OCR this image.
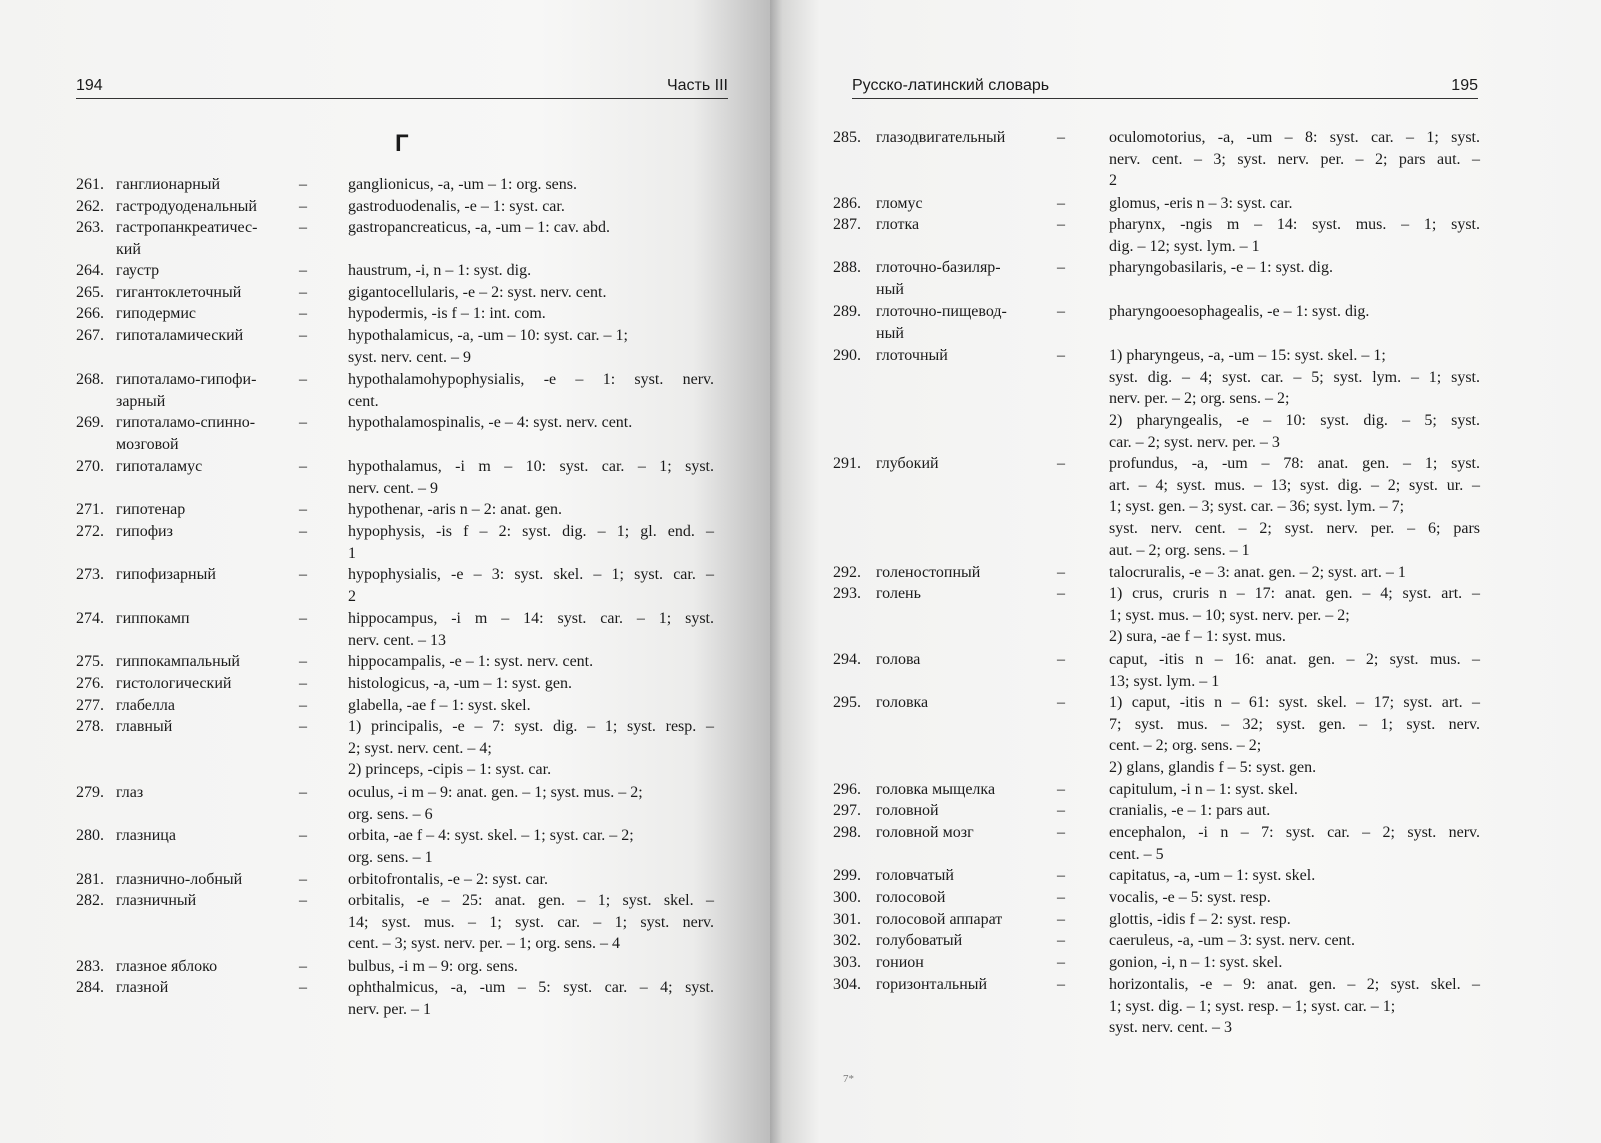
194	Часть III
Г
261. ганглионарный	–	ganglionicus, -a, -um – 1: org. sens.
262. гастродуоденальный	–	gastroduodenalis, -e – 1: syst. car.
263. гастропанкреатичес-
кий
–	gastropancreaticus, -a, -um – 1: cav. abd.
264. гаустр	–	haustrum, -i, n – 1: syst. dig.
265. гигантоклеточный	–	gigantocellularis, -e – 2: syst. nerv. cent.
266. гиподермис	–	hypodermis, -is f – 1: int. com.
267. гипоталамический	–	hypothalamicus, -a, -um – 10: syst. car. – 1;
syst. nerv. cent. – 9
268. гипоталамо-гипофи-
зарный
–	hypothalamohypophysialis, -e – 1: syst. nerv.
cent.
269. гипоталамо-спинно-
мозговой
–	hypothalamospinalis, -e – 4: syst. nerv. cent.
270. гипоталамус	–	hypothalamus, -i m – 10: syst. car. – 1; syst.
nerv. cent. – 9
271. гипотенар	–	hypothenar, -aris n – 2: anat. gen.
272. гипофиз	–	hypophysis, -is f – 2: syst. dig. – 1; gl. end. –
1
273. гипофизарный	–	hypophysialis, -e – 3: syst. skel. – 1; syst. car. –
2
274. гиппокамп	–	hippocampus, -i m – 14: syst. car. – 1; syst.
nerv. cent. – 13
275. гиппокампальный	–	hippocampalis, -e – 1: syst. nerv. cent.
276. гистологический	–	histologicus, -a, -um – 1: syst. gen.
277. глабелла	–	glabella, -ae f – 1: syst. skel.
278. главный	–	1) principalis, -e – 7: syst. dig. – 1; syst. resp. –
2; syst. nerv. cent. – 4;
2) princeps, -cipis – 1: syst. car.
279. глаз	–	oculus, -i m – 9: anat. gen. – 1; syst. mus. – 2;
org. sens. – 6
280. глазница	–	orbita, -ae f – 4: syst. skel. – 1; syst. car. – 2;
org. sens. – 1
281. глазнично-лобный	–	orbitofrontalis, -e – 2: syst. car.
282. глазничный	–	orbitalis, -e – 25: anat. gen. – 1; syst. skel. –
14; syst. mus. – 1; syst. car. – 1; syst. nerv.
cent. – 3; syst. nerv. per. – 1; org. sens. – 4
283. глазное яблоко	–	bulbus, -i m – 9: org. sens.
284. глазной	–	ophthalmicus, -a, -um – 5: syst. car. – 4; syst.
nerv. per. – 1
Русско-латинский словарь	195
285. глазодвигательный	–	oculomotorius, -a, -um – 8: syst. car. – 1; syst.
nerv. cent. – 3; syst. nerv. per. – 2; pars aut. –
2
286. гломус	–	glomus, -eris n – 3: syst. car.
287. глотка	–	pharynx, -ngis m – 14: syst. mus. – 1; syst.
dig. – 12; syst. lym. – 1
288. глоточно-базиляр-
ный
–	pharyngobasilaris, -e – 1: syst. dig.
289. глоточно-пищевод-
ный
–	pharyngooesophagealis, -e – 1: syst. dig.
290. глоточный	–	1) pharyngeus, -a, -um – 15: syst. skel. – 1;
syst. dig. – 4; syst. car. – 5; syst. lym. – 1; syst.
nerv. per. – 2; org. sens. – 2;
2) pharyngealis, -e – 10: syst. dig. – 5; syst.
car. – 2; syst. nerv. per. – 3
291. глубокий	–	profundus, -a, -um – 78: anat. gen. – 1; syst.
art. – 4; syst. mus. – 13; syst. dig. – 2; syst. ur. –
1; syst. gen. – 3; syst. car. – 36; syst. lym. – 7;
syst. nerv. cent. – 2; syst. nerv. per. – 6; pars
aut. – 2; org. sens. – 1
292. голеностопный	–	talocruralis, -e – 3: anat. gen. – 2; syst. art. – 1
293. голень	–	1) crus, cruris n – 17: anat. gen. – 4; syst. art. –
1; syst. mus. – 10; syst. nerv. per. – 2;
2) sura, -ae f – 1: syst. mus.
294. голова	–	caput, -itis n – 16: anat. gen. – 2; syst. mus. –
13; syst. lym. – 1
295. головка	–	1) caput, -itis n – 61: syst. skel. – 17; syst. art. –
7; syst. mus. – 32; syst. gen. – 1; syst. nerv.
cent. – 2; org. sens. – 2;
2) glans, glandis f – 5: syst. gen.
296. головка мыщелка	–	capitulum, -i n – 1: syst. skel.
297. головной	–	cranialis, -e – 1: pars aut.
298. головной мозг	–	encephalon, -i n – 7: syst. car. – 2; syst. nerv.
cent. – 5
299. головчатый	–	capitatus, -a, -um – 1: syst. skel.
300. голосовой	–	vocalis, -e – 5: syst. resp.
301. голосовой аппарат	–	glottis, -idis f – 2: syst. resp.
302. голубоватый	–	caeruleus, -a, -um – 3: syst. nerv. cent.
303. гонион	–	gonion, -i, n – 1: syst. skel.
304. горизонтальный	–	horizontalis, -e – 9: anat. gen. – 2; syst. skel. –
1; syst. dig. – 1; syst. resp. – 1; syst. car. – 1;
syst. nerv. cent. – 3
7*
